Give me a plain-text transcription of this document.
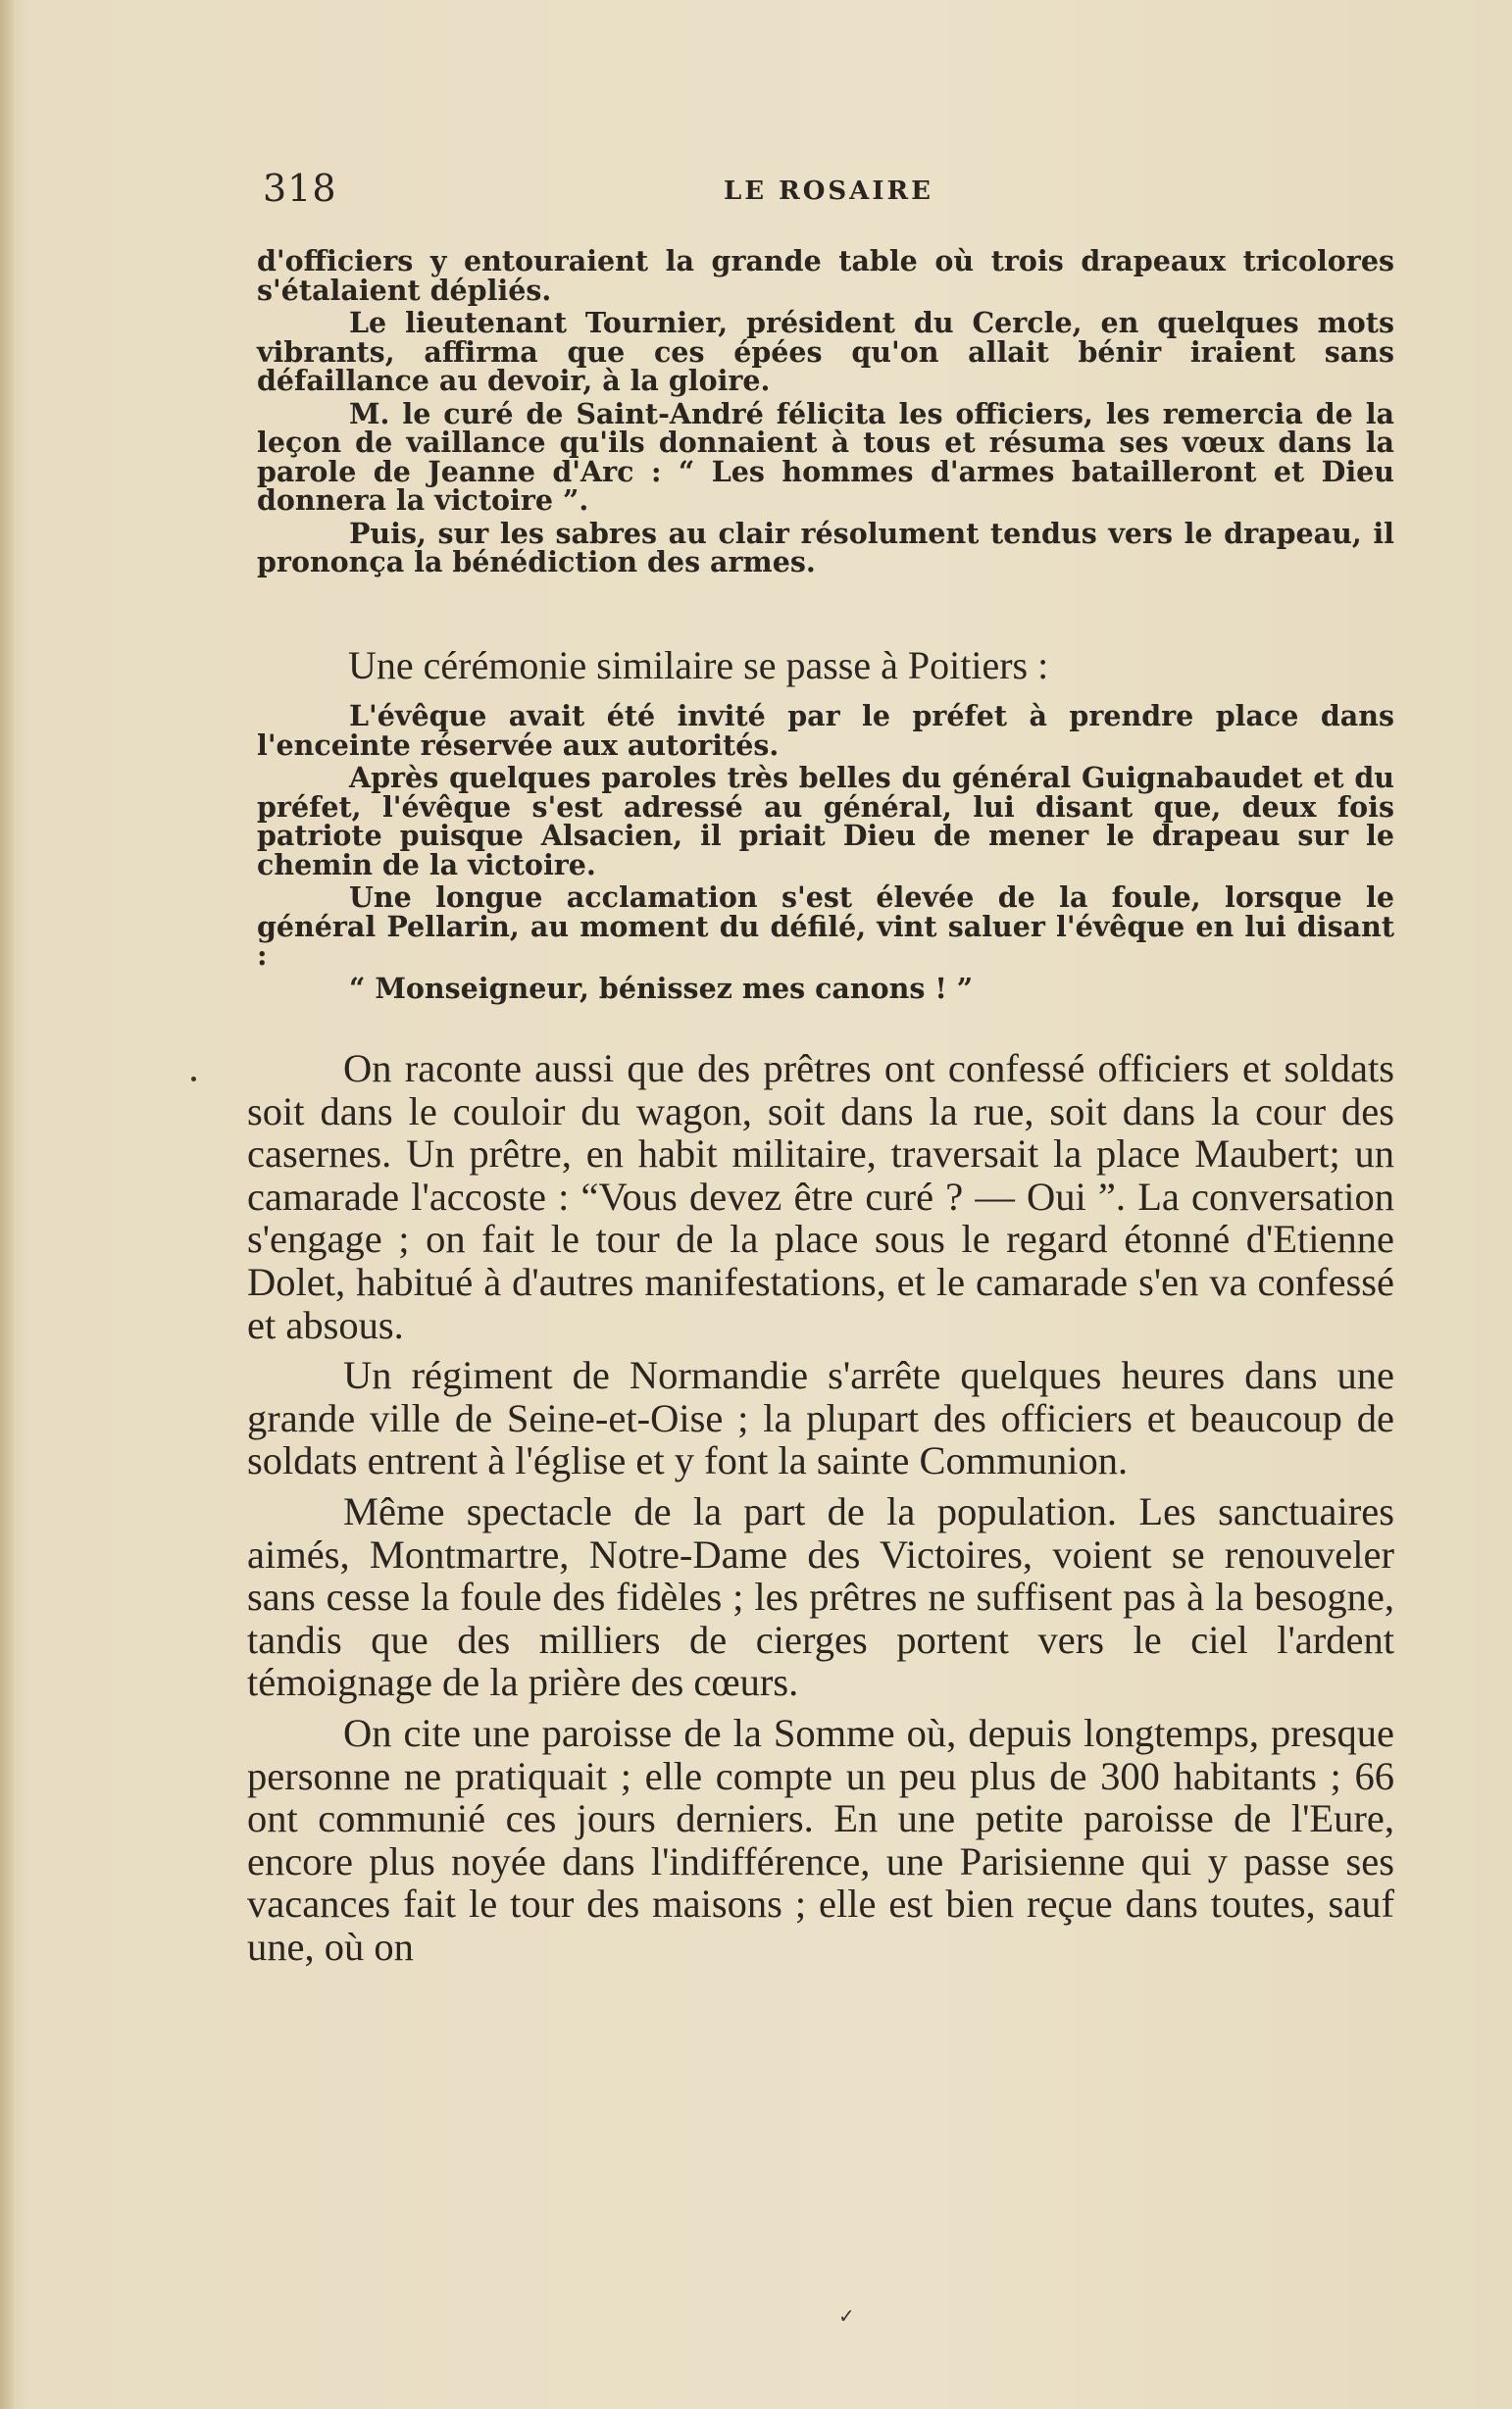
318	LE ROSAIRE

d'officiers y entouraient la grande table où trois drapeaux tricolores s'étalaient dépliés.

Le lieutenant Tournier, président du Cercle, en quelques mots vibrants, affirma que ces épées qu'on allait bénir iraient sans défaillance au devoir, à la gloire.

M. le curé de Saint-André félicita les officiers, les remercia de la leçon de vaillance qu'ils donnaient à tous et résuma ses vœux dans la parole de Jeanne d'Arc : “ Les hommes d'armes batailleront et Dieu donnera la victoire ”.

Puis, sur les sabres au clair résolument tendus vers le drapeau, il prononça la bénédiction des armes.

Une cérémonie similaire se passe à Poitiers :

L'évêque avait été invité par le préfet à prendre place dans l'enceinte réservée aux autorités.

Après quelques paroles très belles du général Guignabaudet et du préfet, l'évêque s'est adressé au général, lui disant que, deux fois patriote puisque Alsacien, il priait Dieu de mener le drapeau sur le chemin de la victoire.

Une longue acclamation s'est élevée de la foule, lorsque le général Pellarin, au moment du défilé, vint saluer l'évêque en lui disant :

“ Monseigneur, bénissez mes canons ! ”

On raconte aussi que des prêtres ont confessé officiers et soldats soit dans le couloir du wagon, soit dans la rue, soit dans la cour des casernes. Un prêtre, en habit militaire, traversait la place Maubert; un camarade l'accoste : “Vous devez être curé ? — Oui ”. La conversation s'engage ; on fait le tour de la place sous le regard étonné d'Etienne Dolet, habitué à d'autres manifestations, et le camarade s'en va confessé et absous.

Un régiment de Normandie s'arrête quelques heures dans une grande ville de Seine-et-Oise ; la plupart des officiers et beaucoup de soldats entrent à l'église et y font la sainte Communion.

Même spectacle de la part de la population. Les sanctuaires aimés, Montmartre, Notre-Dame des Victoires, voient se renouveler sans cesse la foule des fidèles ; les prêtres ne suffisent pas à la besogne, tandis que des milliers de cierges portent vers le ciel l'ardent témoignage de la prière des cœurs.

On cite une paroisse de la Somme où, depuis longtemps, presque personne ne pratiquait ; elle compte un peu plus de 300 habitants ; 66 ont communié ces jours derniers. En une petite paroisse de l'Eure, encore plus noyée dans l'indifférence, une Parisienne qui y passe ses vacances fait le tour des maisons ; elle est bien reçue dans toutes, sauf une, où on

✓
